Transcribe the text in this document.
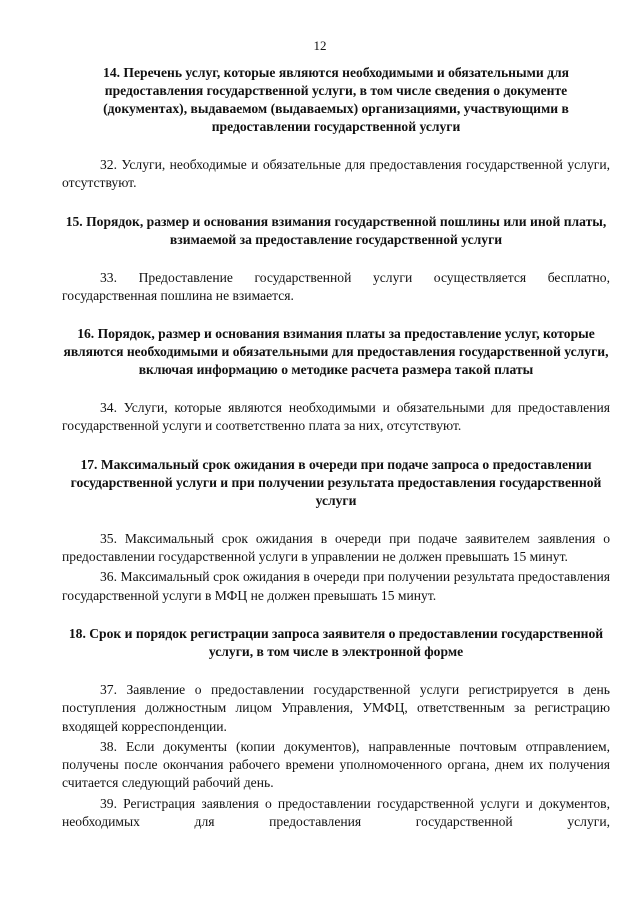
12
14. Перечень услуг, которые являются необходимыми и обязательными для предоставления государственной услуги, в том числе сведения о документе (документах), выдаваемом (выдаваемых) организациями, участвующими в предоставлении государственной услуги

32. Услуги, необходимые и обязательные для предоставления государственной услуги, отсутствуют.

15. Порядок, размер и основания взимания государственной пошлины или иной платы, взимаемой за предоставление государственной услуги

33. Предоставление государственной услуги осуществляется бесплатно, государственная пошлина не взимается.

16. Порядок, размер и основания взимания платы за предоставление услуг, которые являются необходимыми и обязательными для предоставления государственной услуги, включая информацию о методике расчета размера такой платы

34. Услуги, которые являются необходимыми и обязательными для предоставления государственной услуги и соответственно плата за них, отсутствуют.

17. Максимальный срок ожидания в очереди при подаче запроса о предоставлении государственной услуги и при получении результата предоставления государственной услуги

35. Максимальный срок ожидания в очереди при подаче заявителем заявления о предоставлении государственной услуги в управлении не должен превышать 15 минут.

36. Максимальный срок ожидания в очереди при получении результата предоставления государственной услуги в МФЦ не должен превышать 15 минут.

18. Срок и порядок регистрации запроса заявителя о предоставлении государственной услуги, в том числе в электронной форме

37. Заявление о предоставлении государственной услуги регистрируется в день поступления должностным лицом Управления, УМФЦ, ответственным за регистрацию входящей корреспонденции.

38. Если документы (копии документов), направленные почтовым отправлением, получены после окончания рабочего времени уполномоченного органа, днем их получения считается следующий рабочий день.

39. Регистрация заявления о предоставлении государственной услуги и документов, необходимых для предоставления государственной услуги,
